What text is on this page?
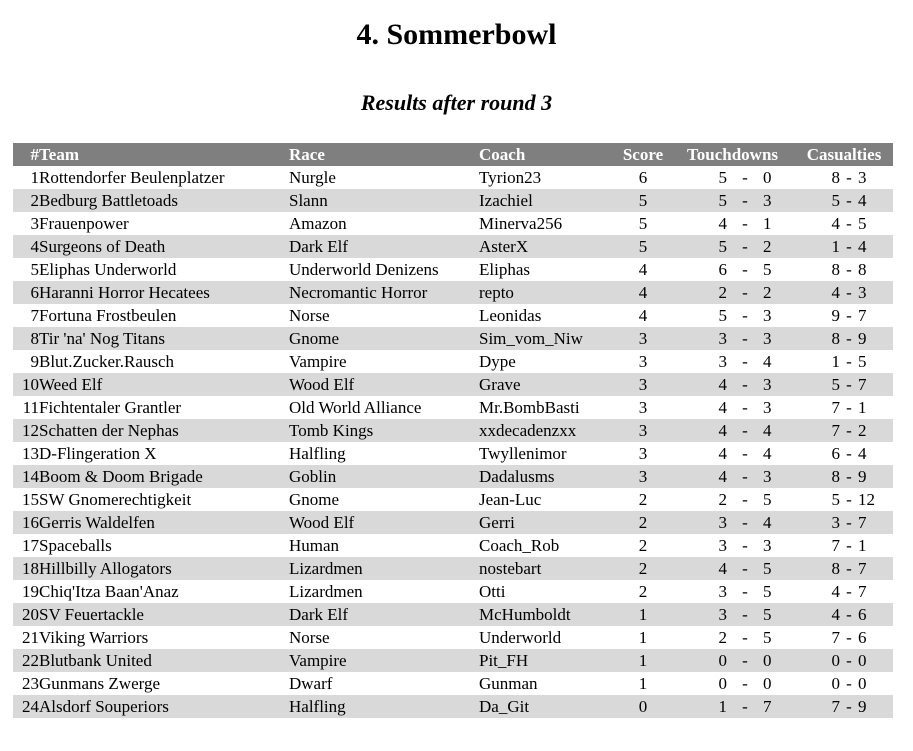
4. Sommerbowl
Results after round 3
#	Team	Race	Coach	Score	Touchdowns			Casualties		
1	Rottendorfer Beulenplatzer	Nurgle	Tyrion23	6	5	-	0	8	-	3
2	Bedburg Battletoads	Slann	Izachiel	5	5	-	3	5	-	4
3	Frauenpower	Amazon	Minerva256	5	4	-	1	4	-	5
4	Surgeons of Death	Dark Elf	AsterX	5	5	-	2	1	-	4
5	Eliphas Underworld	Underworld Denizens	Eliphas	4	6	-	5	8	-	8
6	Haranni Horror Hecatees	Necromantic Horror	repto	4	2	-	2	4	-	3
7	Fortuna Frostbeulen	Norse	Leonidas	4	5	-	3	9	-	7
8	Tir 'na' Nog Titans	Gnome	Sim_vom_Niw	3	3	-	3	8	-	9
9	Blut.Zucker.Rausch	Vampire	Dype	3	3	-	4	1	-	5
10	Weed Elf	Wood Elf	Grave	3	4	-	3	5	-	7
11	Fichtentaler Grantler	Old World Alliance	Mr.BombBasti	3	4	-	3	7	-	1
12	Schatten der Nephas	Tomb Kings	xxdecadenzxx	3	4	-	4	7	-	2
13	D-Flingeration X	Halfling	Twyllenimor	3	4	-	4	6	-	4
14	Boom & Doom Brigade	Goblin	Dadalusms	3	4	-	3	8	-	9
15	SW Gnomerechtigkeit	Gnome	Jean-Luc	2	2	-	5	5	-	12
16	Gerris Waldelfen	Wood Elf	Gerri	2	3	-	4	3	-	7
17	Spaceballs	Human	Coach_Rob	2	3	-	3	7	-	1
18	Hillbilly Allogators	Lizardmen	nostebart	2	4	-	5	8	-	7
19	Chiq'Itza Baan'Anaz	Lizardmen	Otti	2	3	-	5	4	-	7
20	SV Feuertackle	Dark Elf	McHumboldt	1	3	-	5	4	-	6
21	Viking Warriors	Norse	Underworld	1	2	-	5	7	-	6
22	Blutbank United	Vampire	Pit_FH	1	0	-	0	0	-	0
23	Gunmans Zwerge	Dwarf	Gunman	1	0	-	0	0	-	0
24	Alsdorf Souperiors	Halfling	Da_Git	0	1	-	7	7	-	9
